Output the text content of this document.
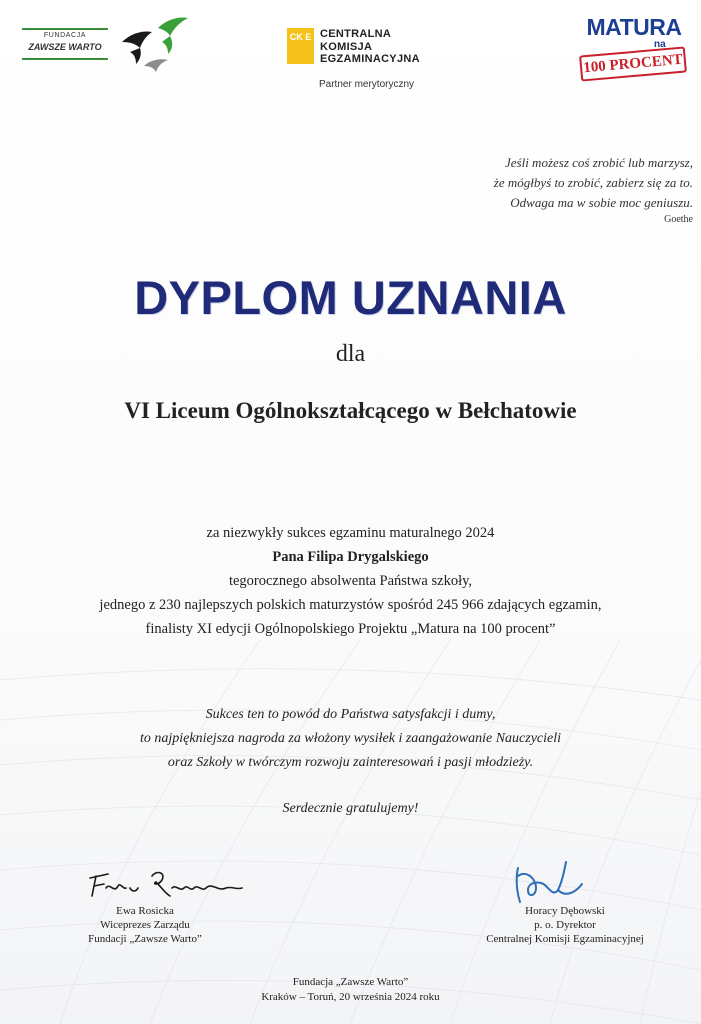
FUNDACJA
ZAWSZE WARTO
CK E CENTRALNA
KOMISJA
EGZAMINACYJNA
Partner merytoryczny
MATURA
na
100 PROCENT
Jeśli możesz coś zrobić lub marzysz,
że mógłbyś to zrobić, zabierz się za to.
Odwaga ma w sobie moc geniuszu.
Goethe
DYPLOM UZNANIA
dla
VI Liceum Ogólnokształcącego w Bełchatowie
za niezwykły sukces egzaminu maturalnego 2024
Pana Filipa Drygalskiego
tegorocznego absolwenta Państwa szkoły,
jednego z 230 najlepszych polskich maturzystów spośród 245 966 zdających egzamin,
finalisty XI edycji Ogólnopolskiego Projektu „Matura na 100 procent”
Sukces ten to powód do Państwa satysfakcji i dumy,
to najpiękniejsza nagroda za włożony wysiłek i zaangażowanie Nauczycieli
oraz Szkoły w twórczym rozwoju zainteresowań i pasji młodzieży.
Serdecznie gratulujemy!
Ewa Rosicka
Wiceprezes Zarządu
Fundacji „Zawsze Warto”
Horacy Dębowski
p. o. Dyrektor
Centralnej Komisji Egzaminacyjnej
Fundacja „Zawsze Warto”
Kraków – Toruń, 20 września 2024 roku
